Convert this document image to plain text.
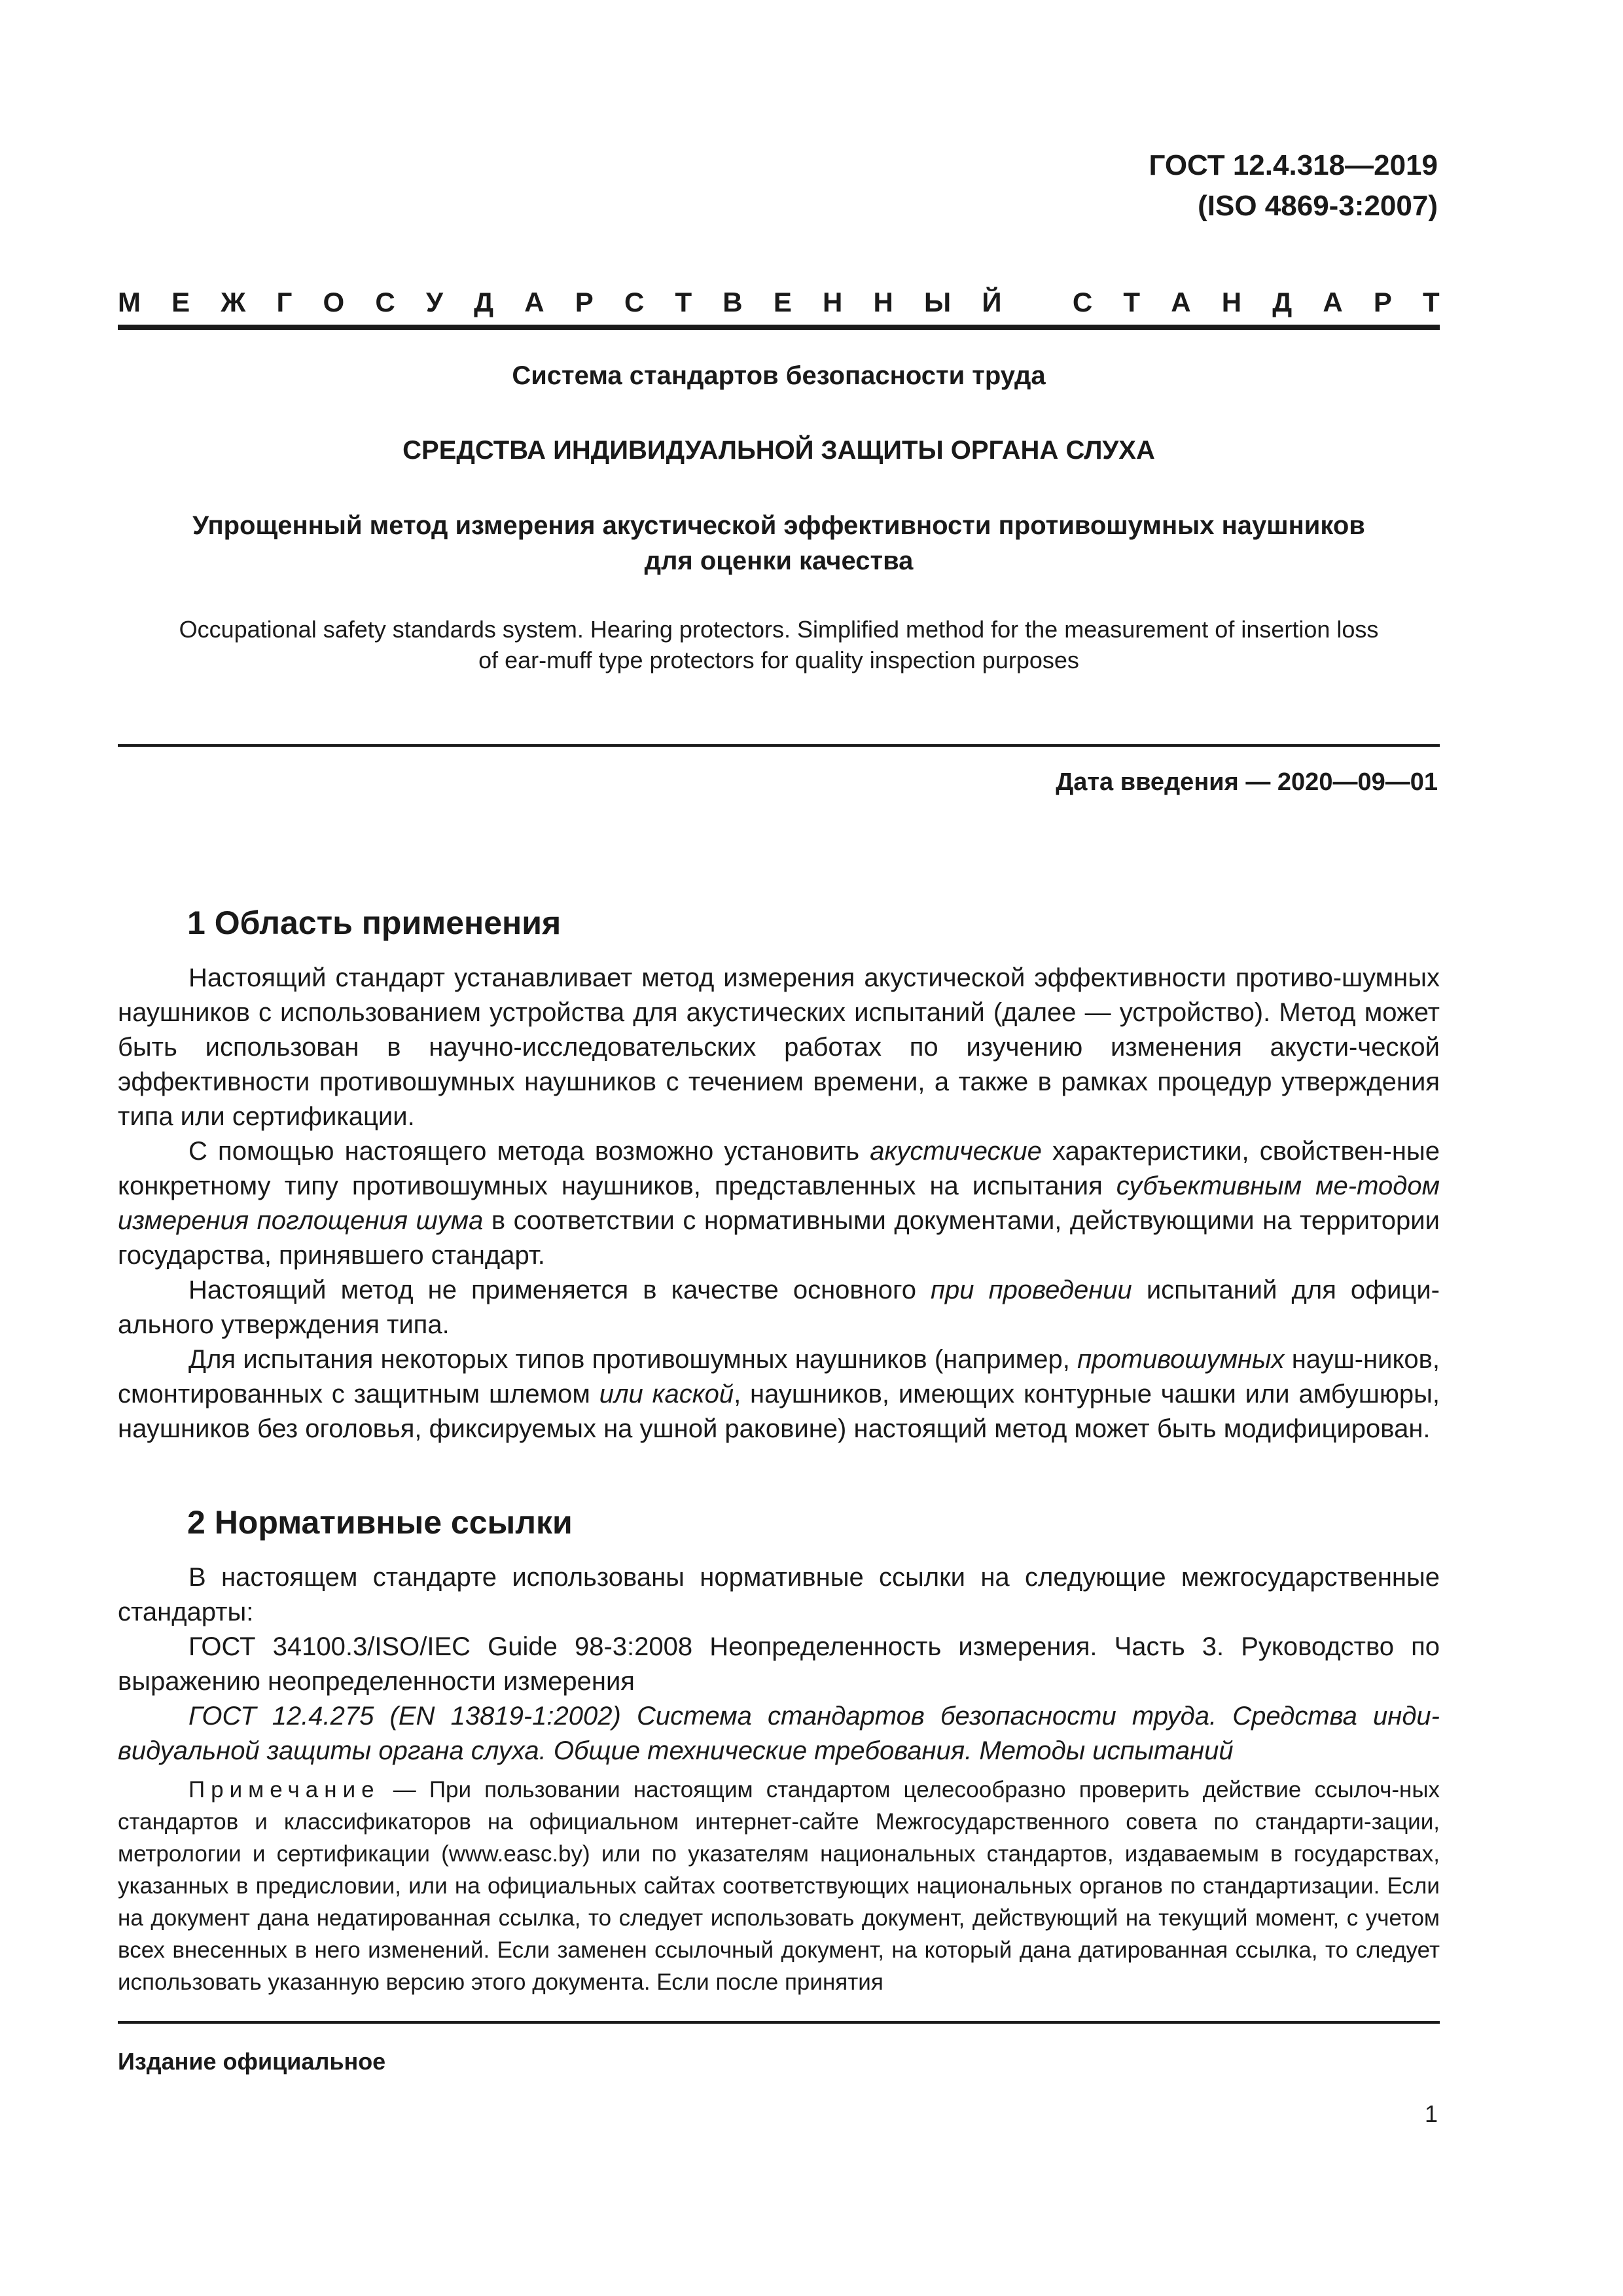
ГОСТ 12.4.318—2019
(ISO 4869-3:2007)
М Е Ж Г О С У Д А Р С Т В Е Н Н Ы Й	С Т А Н Д А Р Т
Система стандартов безопасности труда
СРЕДСТВА ИНДИВИДУАЛЬНОЙ ЗАЩИТЫ ОРГАНА СЛУХА
Упрощенный метод измерения акустической эффективности противошумных наушников
для оценки качества
Occupational safety standards system. Hearing protectors. Simplified method for the measurement of insertion loss
of ear-muff type protectors for quality inspection purposes
Дата введения — 2020—09—01
1 Область применения

Настоящий стандарт устанавливает метод измерения акустической эффективности противо-шумных наушников с использованием устройства для акустических испытаний (далее — устройство). Метод может быть использован в научно-исследовательских работах по изучению изменения акусти-ческой эффективности противошумных наушников с течением времени, а также в рамках процедур утверждения типа или сертификации.

С помощью настоящего метода возможно установить акустические характеристики, свойствен-ные конкретному типу противошумных наушников, представленных на испытания субъективным ме-тодом измерения поглощения шума в соответствии с нормативными документами, действующими на территории государства, принявшего стандарт.

Настоящий метод не применяется в качестве основного при проведении испытаний для офици-ального утверждения типа.

Для испытания некоторых типов противошумных наушников (например, противошумных науш-ников, смонтированных с защитным шлемом или каской, наушников, имеющих контурные чашки или амбушюры, наушников без оголовья, фиксируемых на ушной раковине) настоящий метод может быть модифицирован.

2 Нормативные ссылки

В настоящем стандарте использованы нормативные ссылки на следующие межгосударственные стандарты:

ГОСТ 34100.3/ISO/IEC Guide 98-3:2008 Неопределенность измерения. Часть 3. Руководство по выражению неопределенности измерения

ГОСТ 12.4.275 (EN 13819-1:2002) Система стандартов безопасности труда. Средства инди-видуальной защиты органа слуха. Общие технические требования. Методы испытаний

Примечание — При пользовании настоящим стандартом целесообразно проверить действие ссылоч-ных стандартов и классификаторов на официальном интернет-сайте Межгосударственного совета по стандарти-зации, метрологии и сертификации (www.easc.by) или по указателям национальных стандартов, издаваемым в государствах, указанных в предисловии, или на официальных сайтах соответствующих национальных органов по стандартизации. Если на документ дана недатированная ссылка, то следует использовать документ, действующий на текущий момент, с учетом всех внесенных в него изменений. Если заменен ссылочный документ, на который дана датированная ссылка, то следует использовать указанную версию этого документа. Если после принятия

Издание официальное
1
